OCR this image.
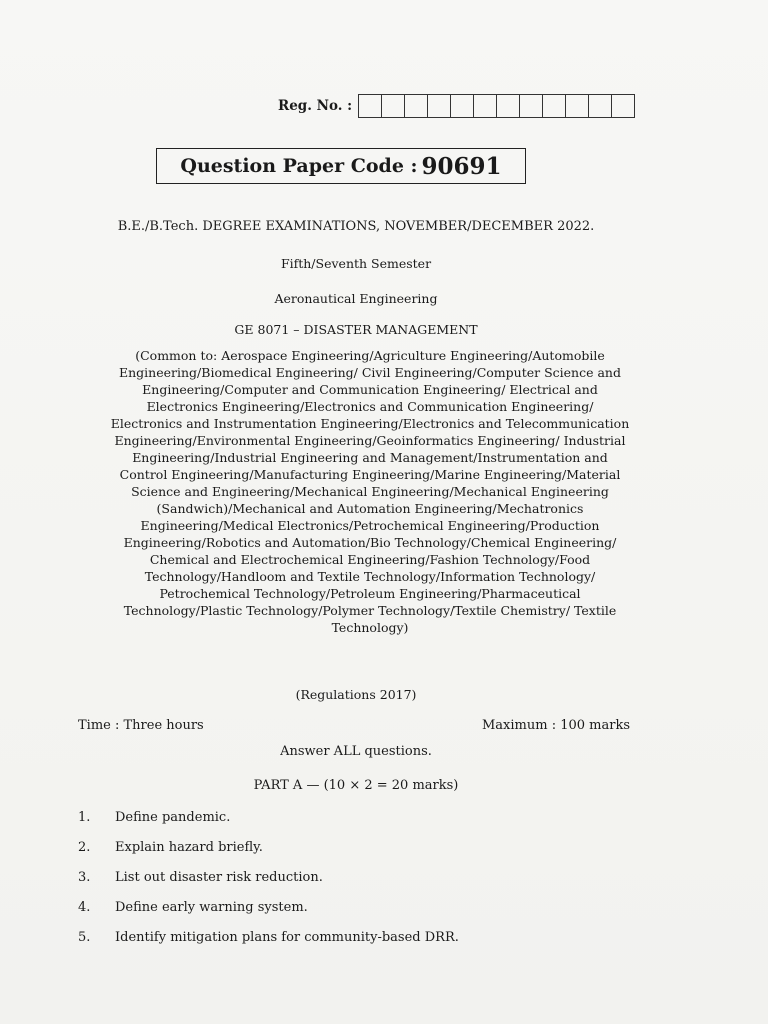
Reg. No. :
Question Paper Code : 90691
B.E./B.Tech. DEGREE EXAMINATIONS, NOVEMBER/DECEMBER 2022.
Fifth/Seventh Semester
Aeronautical Engineering
GE 8071 – DISASTER MANAGEMENT
(Common to: Aerospace Engineering/Agriculture Engineering/Automobile Engineering/Biomedical Engineering/ Civil Engineering/Computer Science and Engineering/Computer and Communication Engineering/ Electrical and Electronics Engineering/Electronics and Communication Engineering/ Electronics and Instrumentation Engineering/Electronics and Telecommunication Engineering/Environmental Engineering/Geoinformatics Engineering/ Industrial Engineering/Industrial Engineering and Management/Instrumentation and Control Engineering/Manufacturing Engineering/Marine Engineering/Material Science and Engineering/Mechanical Engineering/Mechanical Engineering (Sandwich)/Mechanical and Automation Engineering/Mechatronics Engineering/Medical Electronics/Petrochemical Engineering/Production Engineering/Robotics and Automation/Bio Technology/Chemical Engineering/ Chemical and Electrochemical Engineering/Fashion Technology/Food Technology/Handloom and Textile Technology/Information Technology/ Petrochemical Technology/Petroleum Engineering/Pharmaceutical Technology/Plastic Technology/Polymer Technology/Textile Chemistry/ Textile Technology)
(Regulations 2017)
Time : Three hours	Maximum : 100 marks
Answer ALL questions.
PART A — (10 × 2 = 20 marks)
1.	Define pandemic.
2.	Explain hazard briefly.
3.	List out disaster risk reduction.
4.	Define early warning system.
5.	Identify mitigation plans for community-based DRR.
